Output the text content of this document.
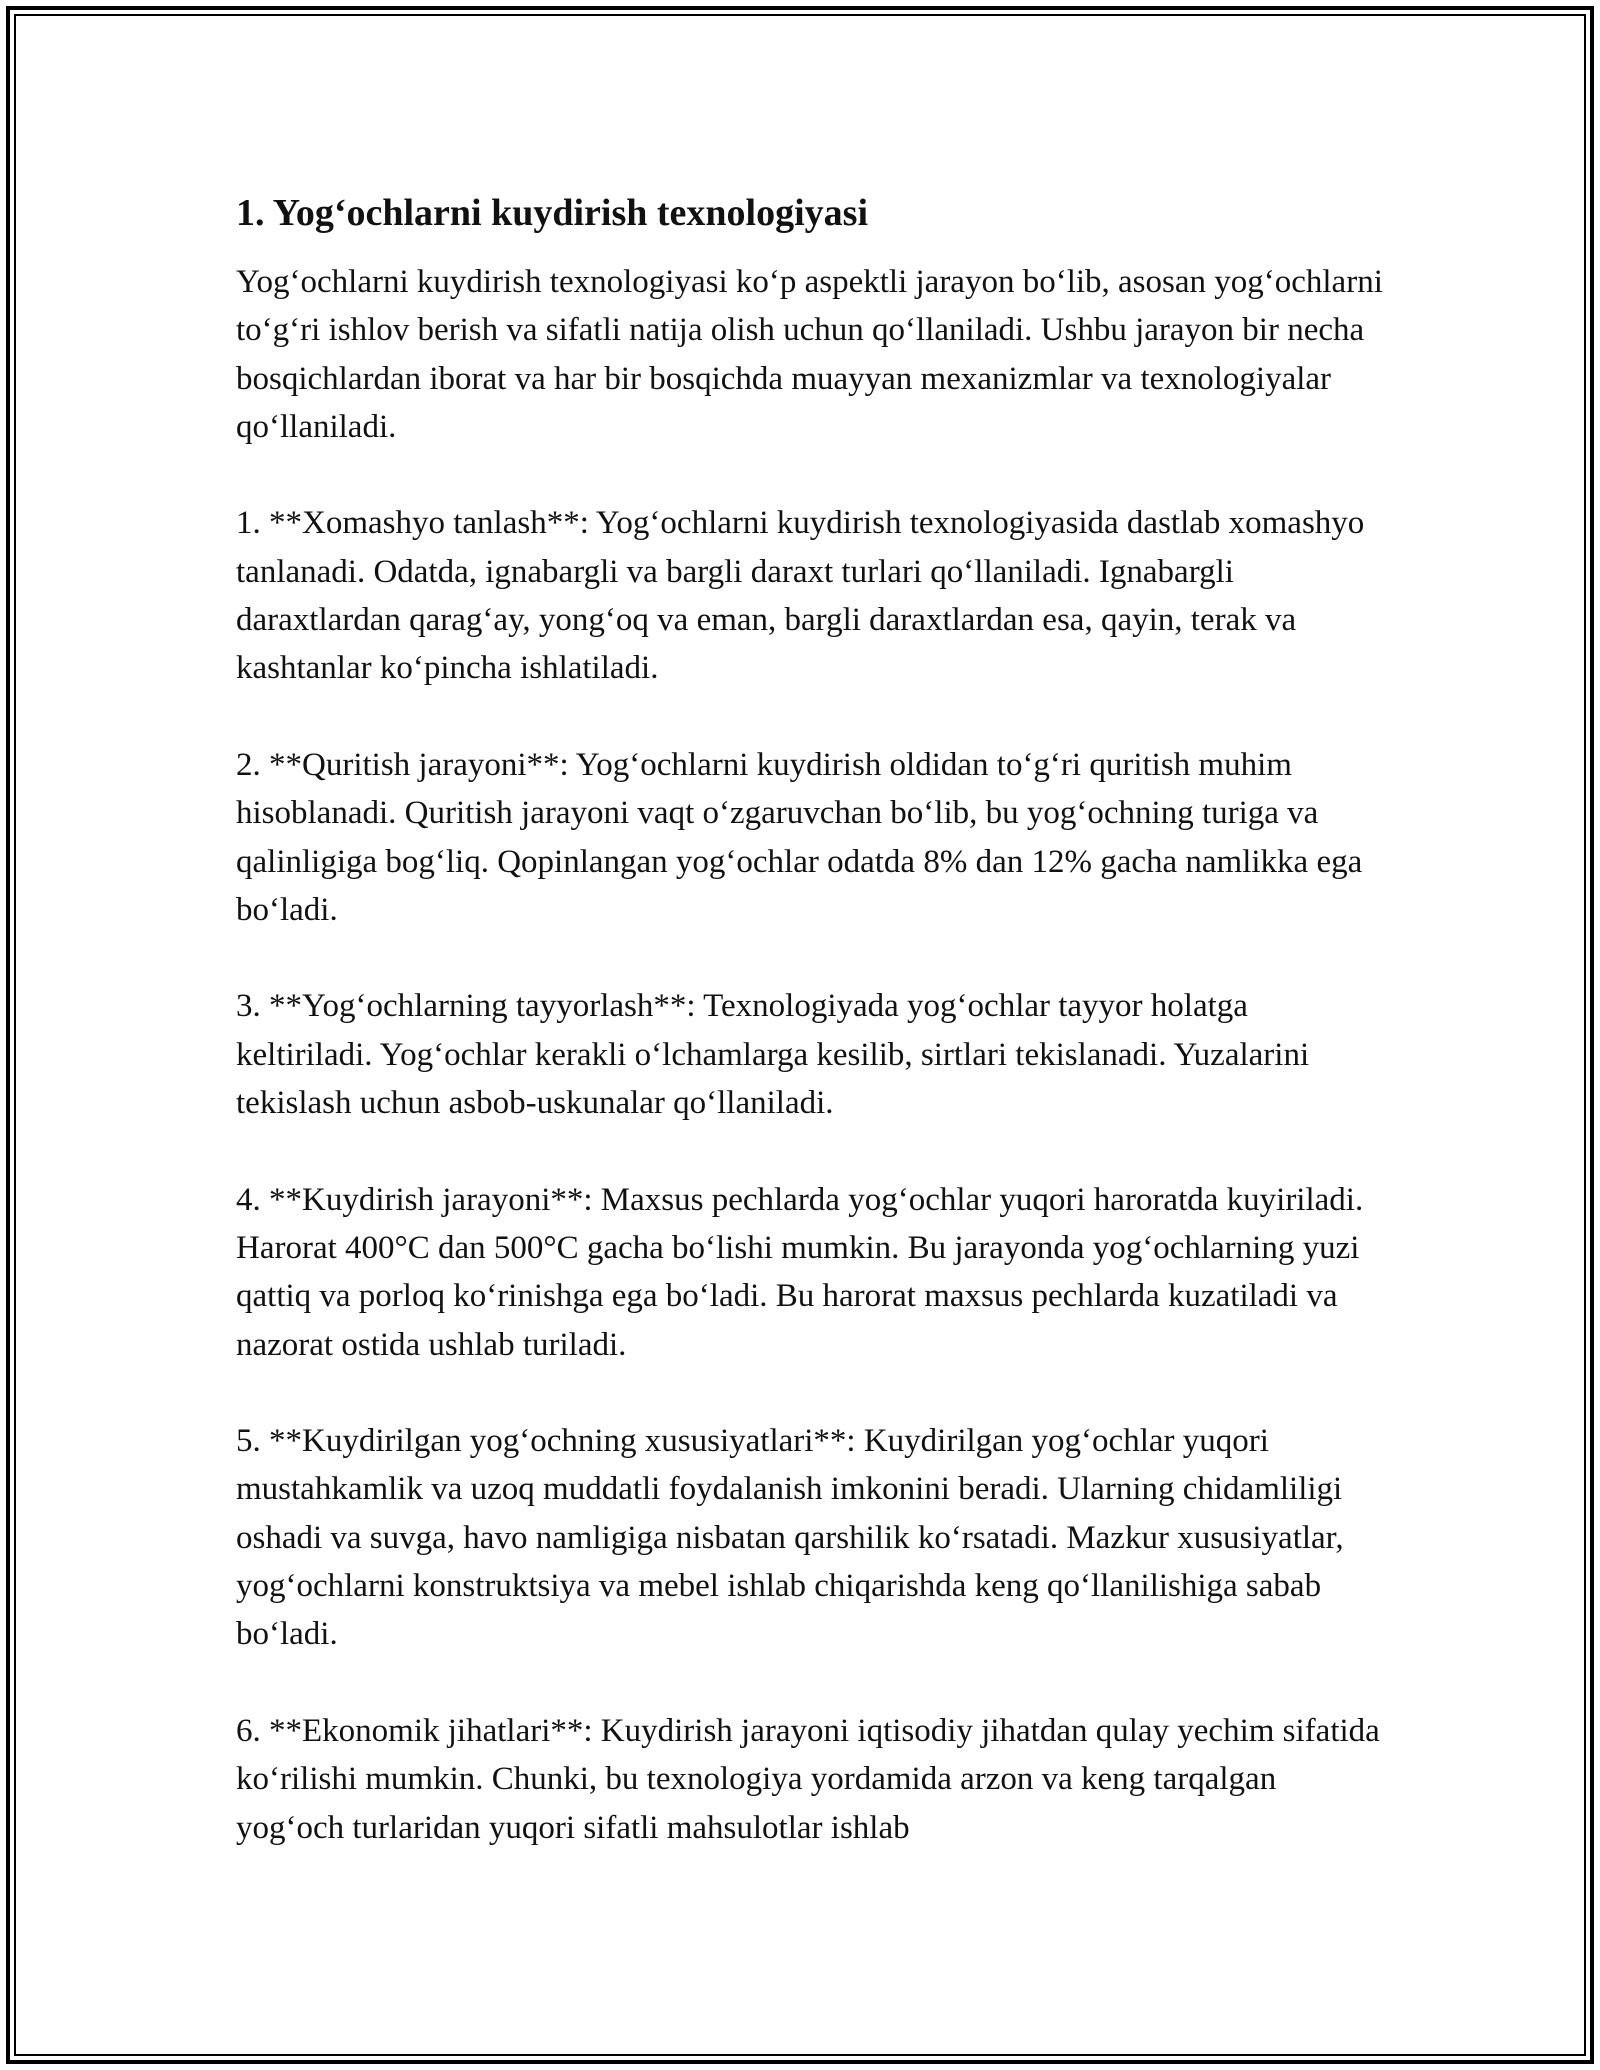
1. Yog‘ochlarni kuydirish texnologiyasi

Yog‘ochlarni kuydirish texnologiyasi ko‘p aspektli jarayon bo‘lib, asosan yog‘ochlarni to‘g‘ri ishlov berish va sifatli natija olish uchun qo‘llaniladi. Ushbu jarayon bir necha bosqichlardan iborat va har bir bosqichda muayyan mexanizmlar va texnologiyalar qo‘llaniladi.

1. **Xomashyo tanlash**: Yog‘ochlarni kuydirish texnologiyasida dastlab xomashyo tanlanadi. Odatda, ignabargli va bargli daraxt turlari qo‘llaniladi. Ignabargli daraxtlardan qarag‘ay, yong‘oq va eman, bargli daraxtlardan esa, qayin, terak va kashtanlar ko‘pincha ishlatiladi.

2. **Quritish jarayoni**: Yog‘ochlarni kuydirish oldidan to‘g‘ri quritish muhim hisoblanadi. Quritish jarayoni vaqt o‘zgaruvchan bo‘lib, bu yog‘ochning turiga va qalinligiga bog‘liq. Qopinlangan yog‘ochlar odatda 8% dan 12% gacha namlikka ega bo‘ladi.

3. **Yog‘ochlarning tayyorlash**: Texnologiyada yog‘ochlar tayyor holatga keltiriladi. Yog‘ochlar kerakli o‘lchamlarga kesilib, sirtlari tekislanadi. Yuzalarini tekislash uchun asbob-uskunalar qo‘llaniladi.

4. **Kuydirish jarayoni**: Maxsus pechlarda yog‘ochlar yuqori haroratda kuyiriladi. Harorat 400°C dan 500°C gacha bo‘lishi mumkin. Bu jarayonda yog‘ochlarning yuzi qattiq va porloq ko‘rinishga ega bo‘ladi. Bu harorat maxsus pechlarda kuzatiladi va nazorat ostida ushlab turiladi.

5. **Kuydirilgan yog‘ochning xususiyatlari**: Kuydirilgan yog‘ochlar yuqori mustahkamlik va uzoq muddatli foydalanish imkonini beradi. Ularning chidamliligi oshadi va suvga, havo namligiga nisbatan qarshilik ko‘rsatadi. Mazkur xususiyatlar, yog‘ochlarni konstruktsiya va mebel ishlab chiqarishda keng qo‘llanilishiga sabab bo‘ladi.

6. **Ekonomik jihatlari**: Kuydirish jarayoni iqtisodiy jihatdan qulay yechim sifatida ko‘rilishi mumkin. Chunki, bu texnologiya yordamida arzon va keng tarqalgan yog‘och turlaridan yuqori sifatli mahsulotlar ishlab
